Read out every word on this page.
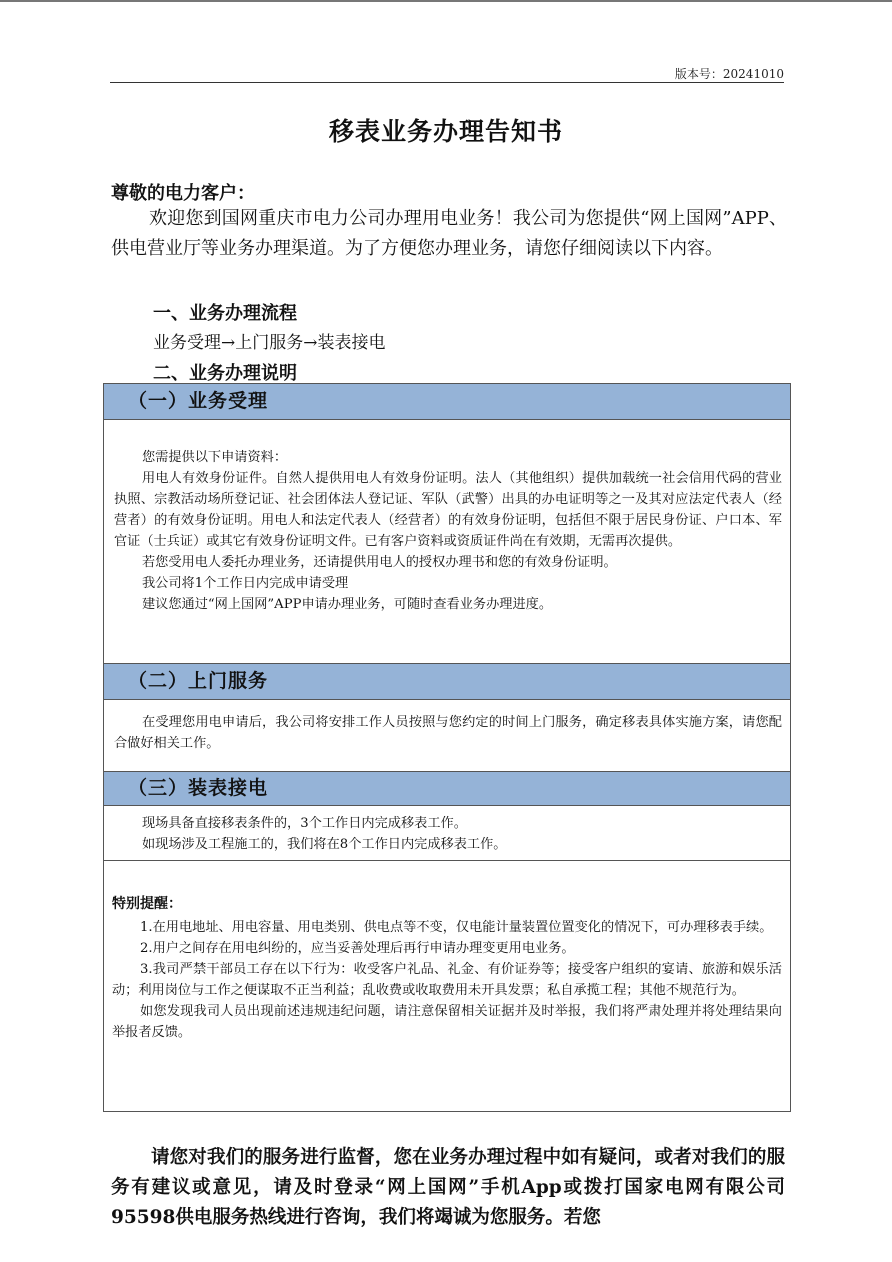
版本号：20241010
移表业务办理告知书
尊敬的电力客户：

欢迎您到国网重庆市电力公司办理用电业务！我公司为您提供“网上国网”APP、供电营业厅等业务办理渠道。为了方便您办理业务，请您仔细阅读以下内容。

一、业务办理流程
业务受理→上门服务→装表接电
二、业务办理说明
（一）业务受理

您需提供以下申请资料：

用电人有效身份证件。自然人提供用电人有效身份证明。法人（其他组织）提供加载统一社会信用代码的营业执照、宗教活动场所登记证、社会团体法人登记证、军队（武警）出具的办电证明等之一及其对应法定代表人（经营者）的有效身份证明。用电人和法定代表人（经营者）的有效身份证明，包括但不限于居民身份证、户口本、军官证（士兵证）或其它有效身份证明文件。已有客户资料或资质证件尚在有效期，无需再次提供。

若您受用电人委托办理业务，还请提供用电人的授权办理书和您的有效身份证明。

我公司将1个工作日内完成申请受理

建议您通过“网上国网”APP申请办理业务，可随时查看业务办理进度。

（二）上门服务

在受理您用电申请后，我公司将安排工作人员按照与您约定的时间上门服务，确定移表具体实施方案，请您配合做好相关工作。

（三）装表接电

现场具备直接移表条件的，3个工作日内完成移表工作。

如现场涉及工程施工的，我们将在8个工作日内完成移表工作。

特别提醒：

1.在用电地址、用电容量、用电类别、供电点等不变，仅电能计量装置位置变化的情况下，可办理移表手续。

2.用户之间存在用电纠纷的，应当妥善处理后再行申请办理变更用电业务。

3.我司严禁干部员工存在以下行为：收受客户礼品、礼金、有价证券等；接受客户组织的宴请、旅游和娱乐活动；利用岗位与工作之便谋取不正当利益；乱收费或收取费用未开具发票；私自承揽工程；其他不规范行为。

如您发现我司人员出现前述违规违纪问题，请注意保留相关证据并及时举报，我们将严肃处理并将处理结果向举报者反馈。

请您对我们的服务进行监督，您在业务办理过程中如有疑问，或者对我们的服务有建议或意见，请及时登录“网上国网”手机App或拨打国家电网有限公司95598供电服务热线进行咨询，我们将竭诚为您服务。若您
